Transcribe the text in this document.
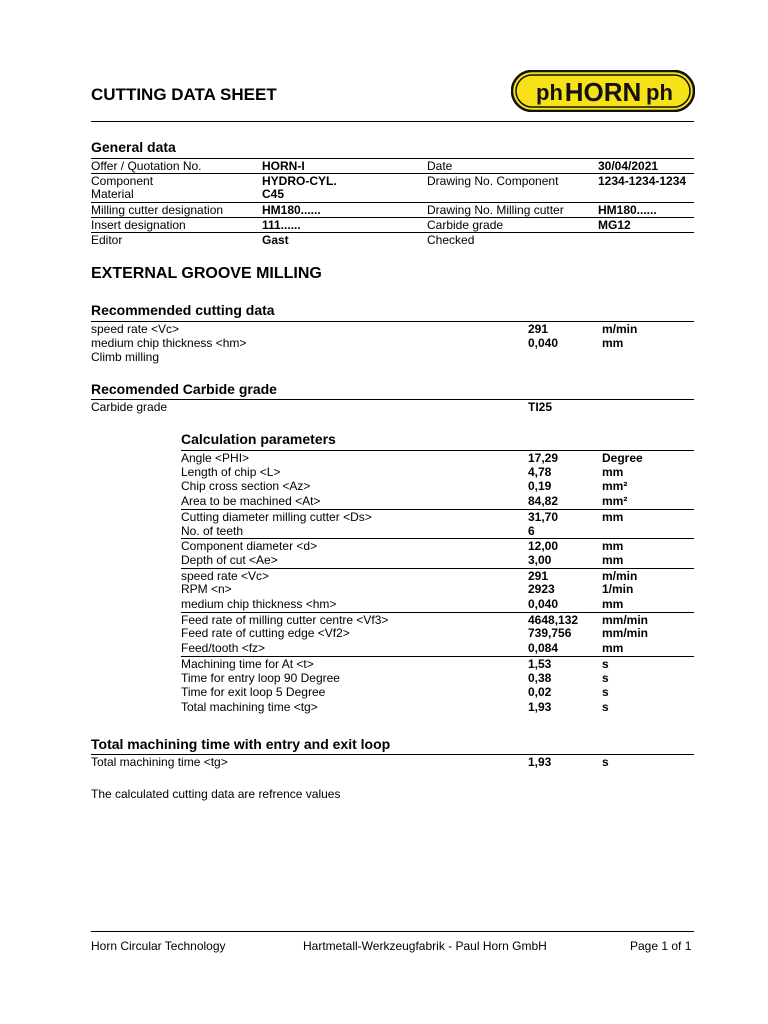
CUTTING DATA SHEET	ph HORN ph
General data
Offer / Quotation No.	HORN-I	Date	30/04/2021
Component	HYDRO-CYL.	Drawing No. Component	1234-1234-1234
Material	C45
Milling cutter designation	HM180......	Drawing No. Milling cutter	HM180......
Insert designation	111......	Carbide grade	MG12
Editor	Gast	Checked
EXTERNAL GROOVE MILLING
Recommended cutting data
speed rate <Vc>	291	m/min
medium chip thickness <hm>	0,040	mm
Climb milling
Recomended Carbide grade
Carbide grade	TI25
Calculation parameters
Angle <PHI>	17,29	Degree
Length of chip <L>	4,78	mm
Chip cross section <Az>	0,19	mm²
Area to be machined <At>	84,82	mm²
Cutting diameter milling cutter <Ds>	31,70	mm
No. of teeth	6
Component diameter <d>	12,00	mm
Depth of cut <Ae>	3,00	mm
speed rate <Vc>	291	m/min
RPM <n>	2923	1/min
medium chip thickness <hm>	0,040	mm
Feed rate of milling cutter centre <Vf3>	4648,132 mm/min
Feed rate of cutting edge <Vf2>	739,756	mm/min
Feed/tooth <fz>	0,084	mm
Machining time for At <t>	1,53	s
Time for entry loop 90 Degree	0,38	s
Time for exit loop 5 Degree	0,02	s
Total machining time <tg>	1,93	s
Total machining time with entry and exit loop
Total machining time <tg>	1,93	s
The calculated cutting data are refrence values
Horn Circular Technology	Hartmetall-Werkzeugfabrik - Paul Horn GmbH	Page 1 of 1
